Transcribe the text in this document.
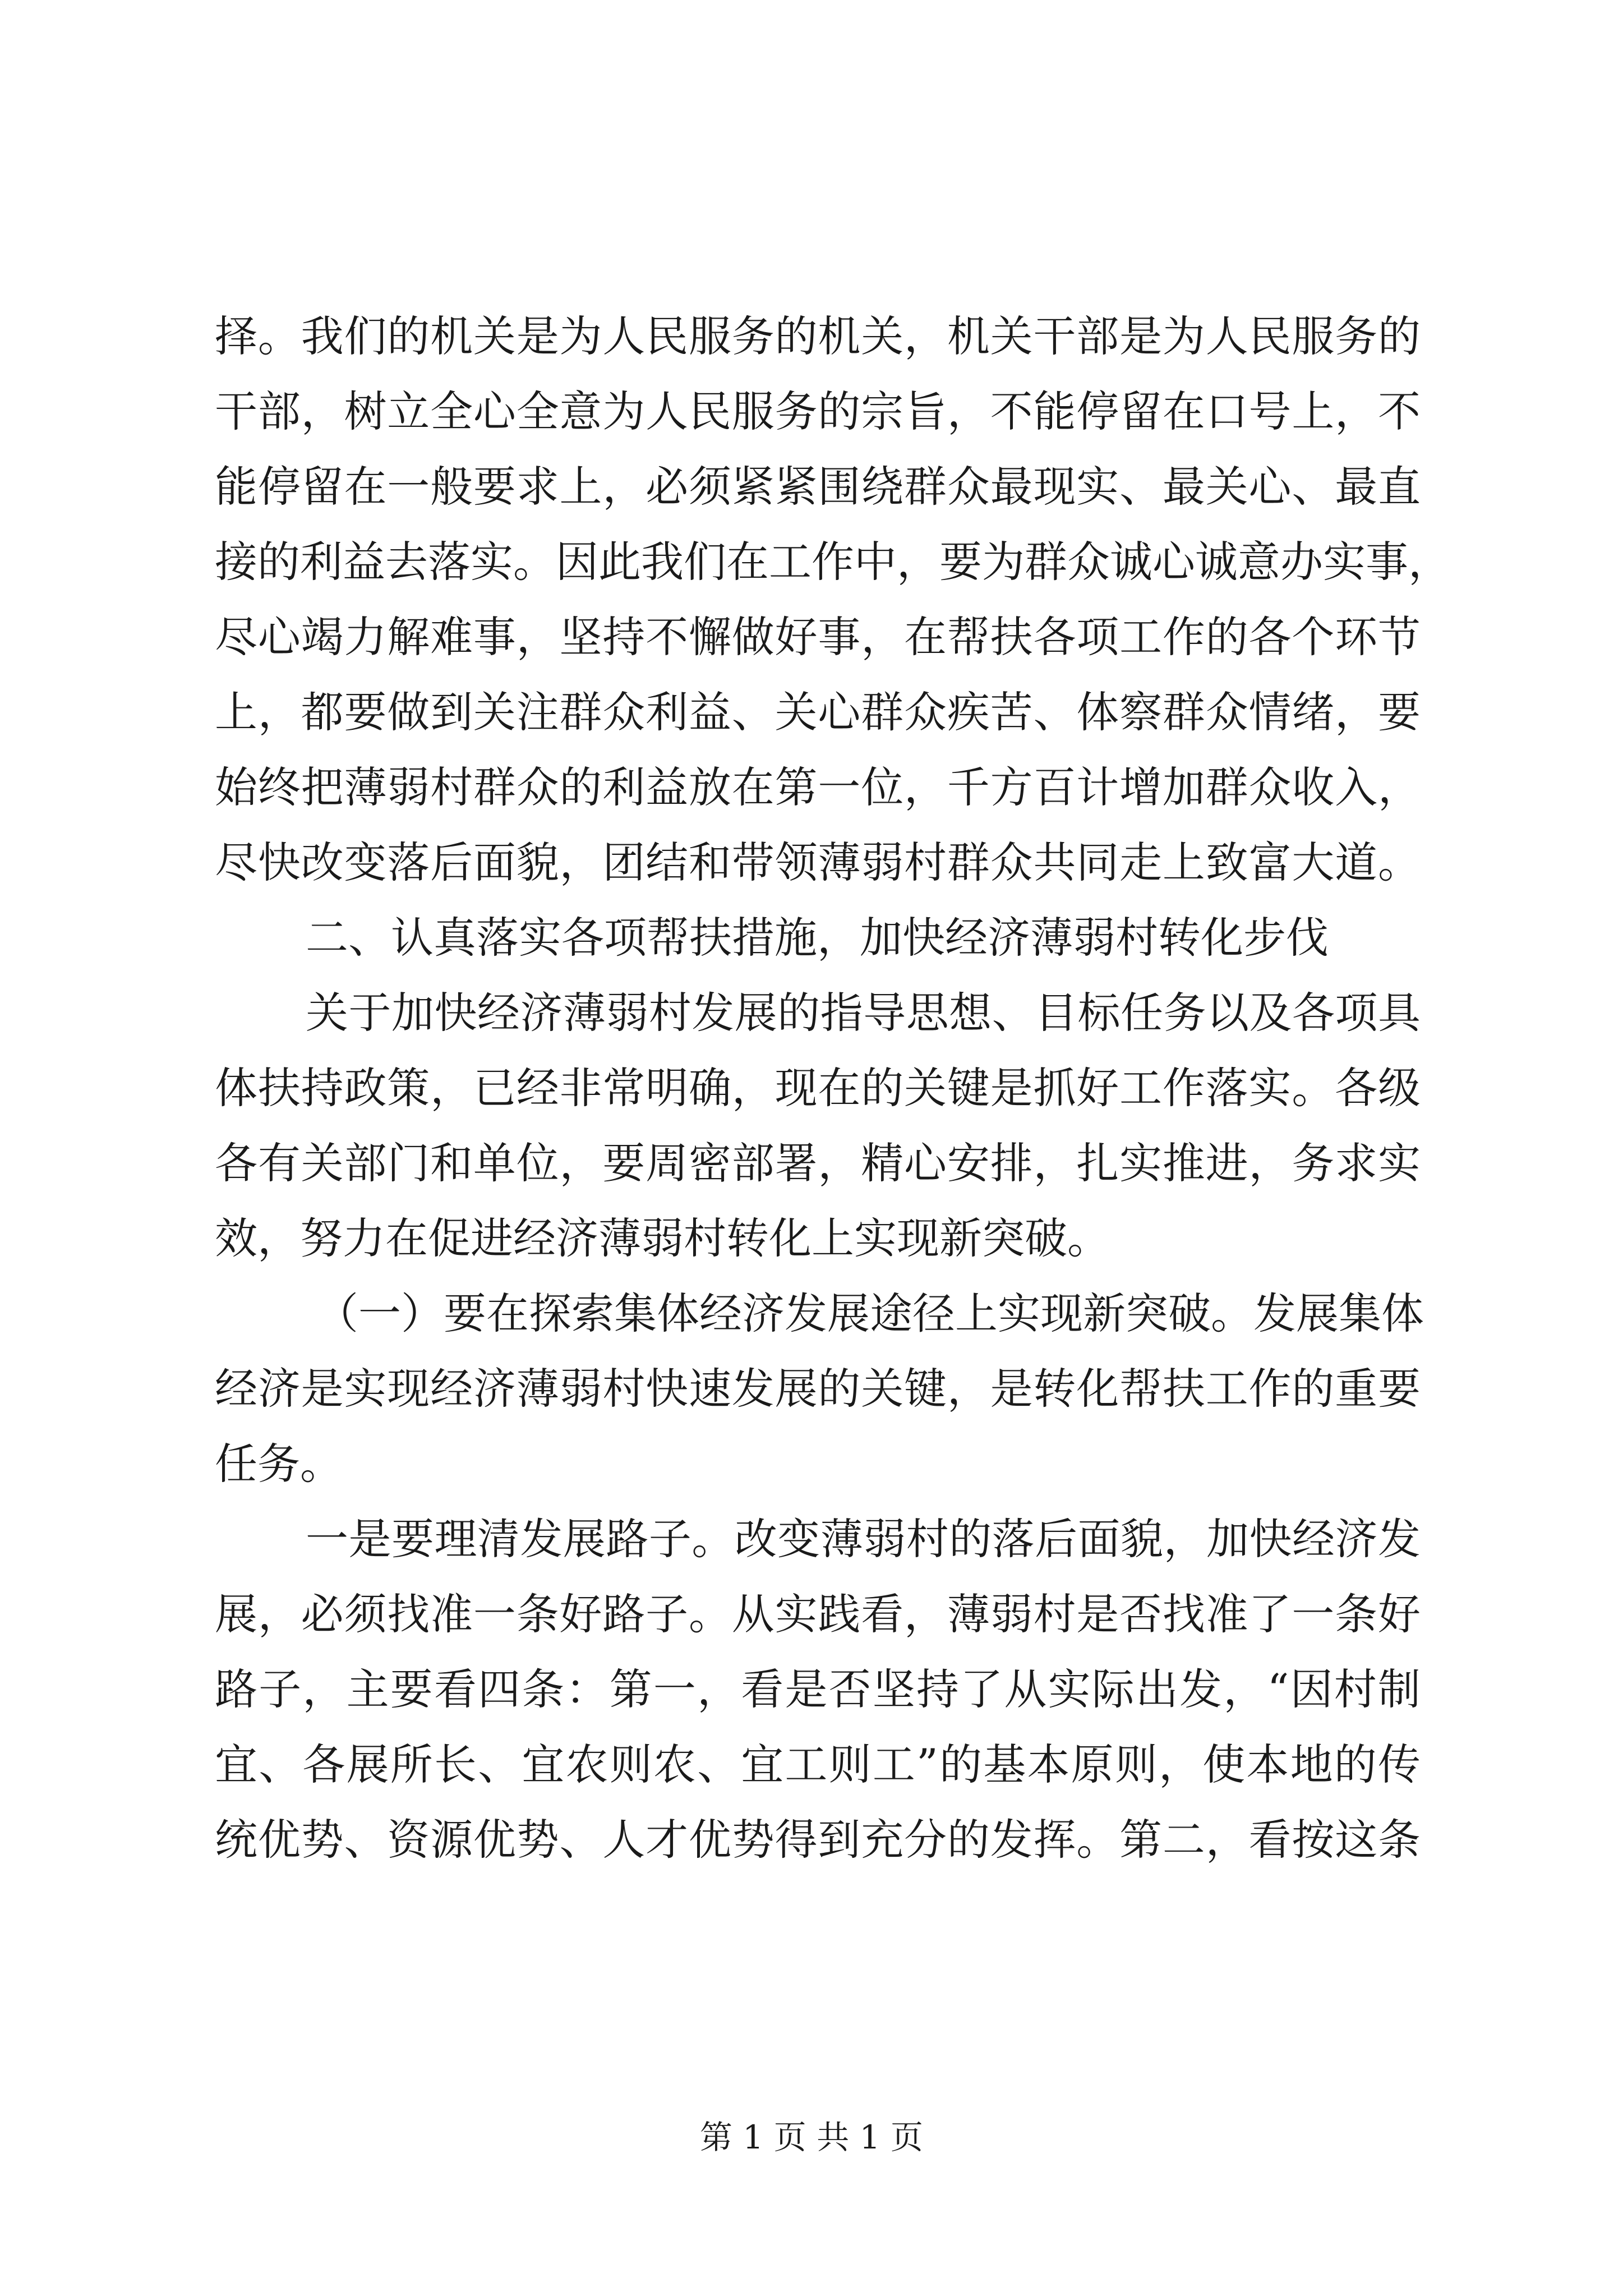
择。我们的机关是为人民服务的机关，机关干部是为人民服务的
干部，树立全心全意为人民服务的宗旨，不能停留在口号上，不
能停留在一般要求上，必须紧紧围绕群众最现实、最关心、最直
接的利益去落实。因此我们在工作中，要为群众诚心诚意办实事，
尽心竭力解难事，坚持不懈做好事，在帮扶各项工作的各个环节
上，都要做到关注群众利益、关心群众疾苦、体察群众情绪，要
始终把薄弱村群众的利益放在第一位，千方百计增加群众收入，
尽快改变落后面貌，团结和带领薄弱村群众共同走上致富大道。
二、认真落实各项帮扶措施，加快经济薄弱村转化步伐
关于加快经济薄弱村发展的指导思想、目标任务以及各项具
体扶持政策，已经非常明确，现在的关键是抓好工作落实。各级
各有关部门和单位，要周密部署，精心安排，扎实推进，务求实
效，努力在促进经济薄弱村转化上实现新突破。
（一）要在探索集体经济发展途径上实现新突破。发展集体
经济是实现经济薄弱村快速发展的关键，是转化帮扶工作的重要
任务。
一是要理清发展路子。改变薄弱村的落后面貌，加快经济发
展，必须找准一条好路子。从实践看，薄弱村是否找准了一条好
路子，主要看四条：第一，看是否坚持了从实际出发，“因村制
宜、各展所长、宜农则农、宜工则工”的基本原则，使本地的传
统优势、资源优势、人才优势得到充分的发挥。第二，看按这条
第 1 页 共 1 页
